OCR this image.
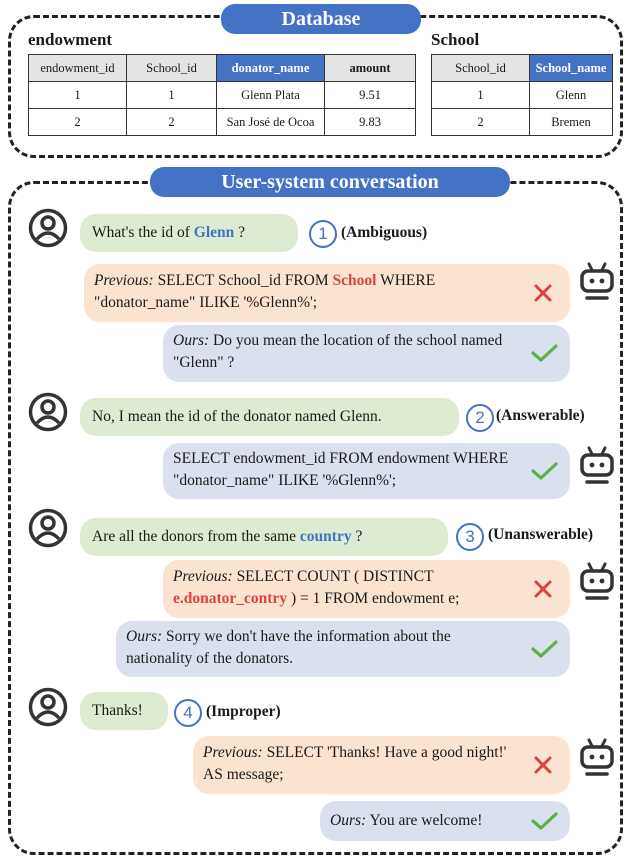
Database
endowment
endowment_id	School_id	donator_name	amount
1	1	Glenn Plata	9.51
2	2	San José de Ocoa	9.83
School
School_id	School_name
1	Glenn
2	Bremen
User-system conversation
What's the id of Glenn ?	1 (Ambiguous)
Previous: SELECT School_id FROM School WHERE "donator_name" ILIKE '%Glenn%';
Ours: Do you mean the location of the school named "Glenn" ?
No, I mean the id of the donator named Glenn.	2 (Answerable)
SELECT endowment_id FROM endowment WHERE "donator_name" ILIKE '%Glenn%';
Are all the donors from the same country ?	3 (Unanswerable)
Previous: SELECT COUNT ( DISTINCT e.donator_contry ) = 1 FROM endowment e;
Ours: Sorry we don't have the information about the nationality of the donators.
Thanks!	4 (Improper)
Previous: SELECT 'Thanks! Have a good night!' AS message;
Ours: You are welcome!
